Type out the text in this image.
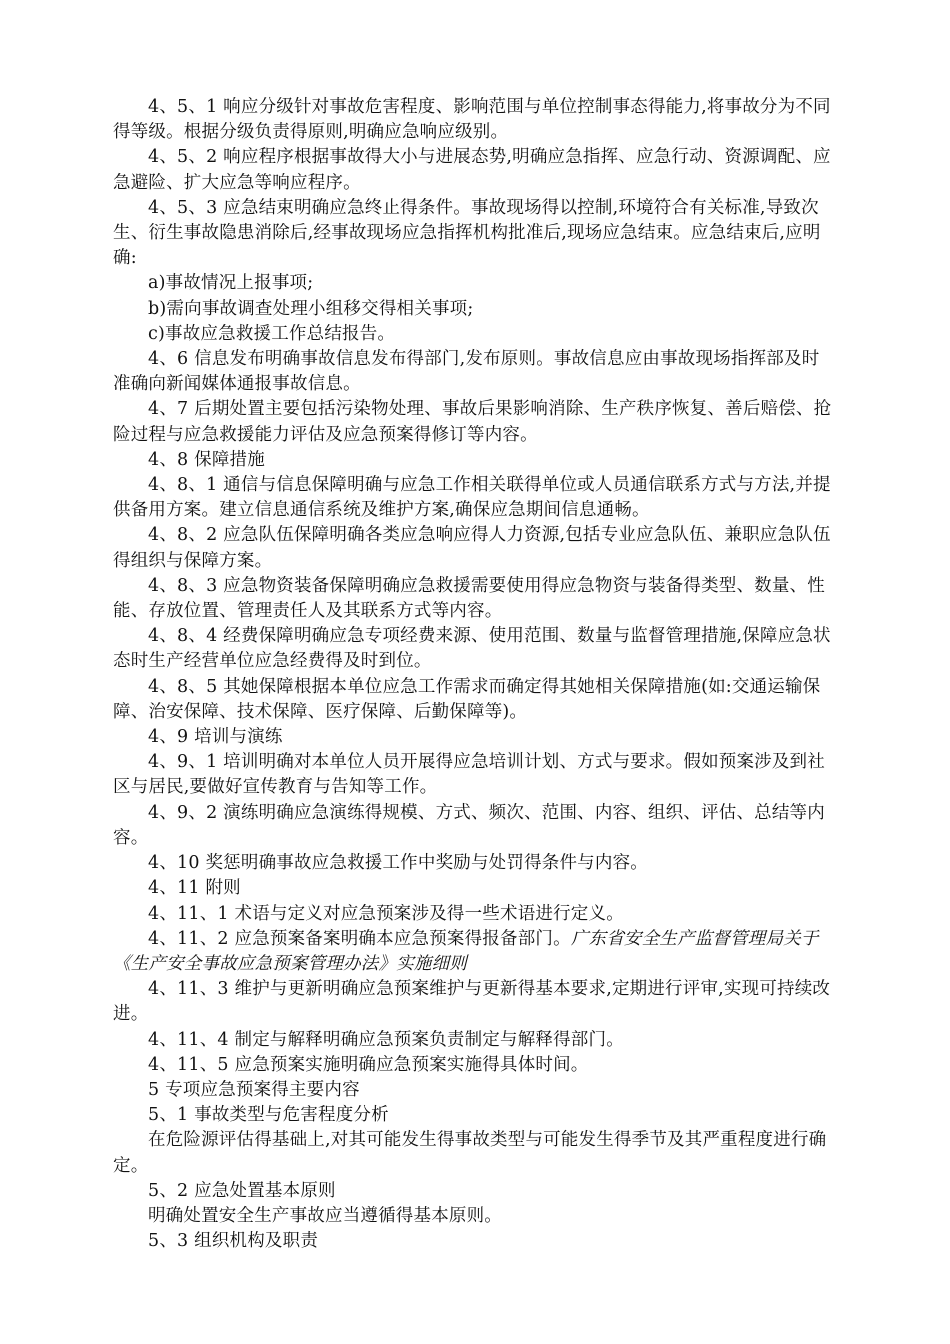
4、5、1 响应分级针对事故危害程度、影响范围与单位控制事态得能力,将事故分为不同得等级。根据分级负责得原则,明确应急响应级别。

4、5、2 响应程序根据事故得大小与进展态势,明确应急指挥、应急行动、资源调配、应急避险、扩大应急等响应程序。

4、5、3 应急结束明确应急终止得条件。事故现场得以控制,环境符合有关标准,导致次生、衍生事故隐患消除后,经事故现场应急指挥机构批准后,现场应急结束。应急结束后,应明确:

a)事故情况上报事项;

b)需向事故调查处理小组移交得相关事项;

c)事故应急救援工作总结报告。

4、6 信息发布明确事故信息发布得部门,发布原则。事故信息应由事故现场指挥部及时准确向新闻媒体通报事故信息。

4、7 后期处置主要包括污染物处理、事故后果影响消除、生产秩序恢复、善后赔偿、抢险过程与应急救援能力评估及应急预案得修订等内容。

4、8 保障措施

4、8、1 通信与信息保障明确与应急工作相关联得单位或人员通信联系方式与方法,并提供备用方案。建立信息通信系统及维护方案,确保应急期间信息通畅。

4、8、2 应急队伍保障明确各类应急响应得人力资源,包括专业应急队伍、兼职应急队伍得组织与保障方案。

4、8、3 应急物资装备保障明确应急救援需要使用得应急物资与装备得类型、数量、性能、存放位置、管理责任人及其联系方式等内容。

4、8、4 经费保障明确应急专项经费来源、使用范围、数量与监督管理措施,保障应急状态时生产经营单位应急经费得及时到位。

4、8、5 其她保障根据本单位应急工作需求而确定得其她相关保障措施(如:交通运输保障、治安保障、技术保障、医疗保障、后勤保障等)。

4、9 培训与演练

4、9、1 培训明确对本单位人员开展得应急培训计划、方式与要求。假如预案涉及到社区与居民,要做好宣传教育与告知等工作。

4、9、2 演练明确应急演练得规模、方式、频次、范围、内容、组织、评估、总结等内容。

4、10 奖惩明确事故应急救援工作中奖励与处罚得条件与内容。

4、11 附则

4、11、1 术语与定义对应急预案涉及得一些术语进行定义。

4、11、2 应急预案备案明确本应急预案得报备部门。广东省安全生产监督管理局关于《生产安全事故应急预案管理办法》实施细则

4、11、3 维护与更新明确应急预案维护与更新得基本要求,定期进行评审,实现可持续改进。

4、11、4 制定与解释明确应急预案负责制定与解释得部门。

4、11、5 应急预案实施明确应急预案实施得具体时间。

5 专项应急预案得主要内容

5、1 事故类型与危害程度分析

在危险源评估得基础上,对其可能发生得事故类型与可能发生得季节及其严重程度进行确定。

5、2 应急处置基本原则

明确处置安全生产事故应当遵循得基本原则。

5、3 组织机构及职责
